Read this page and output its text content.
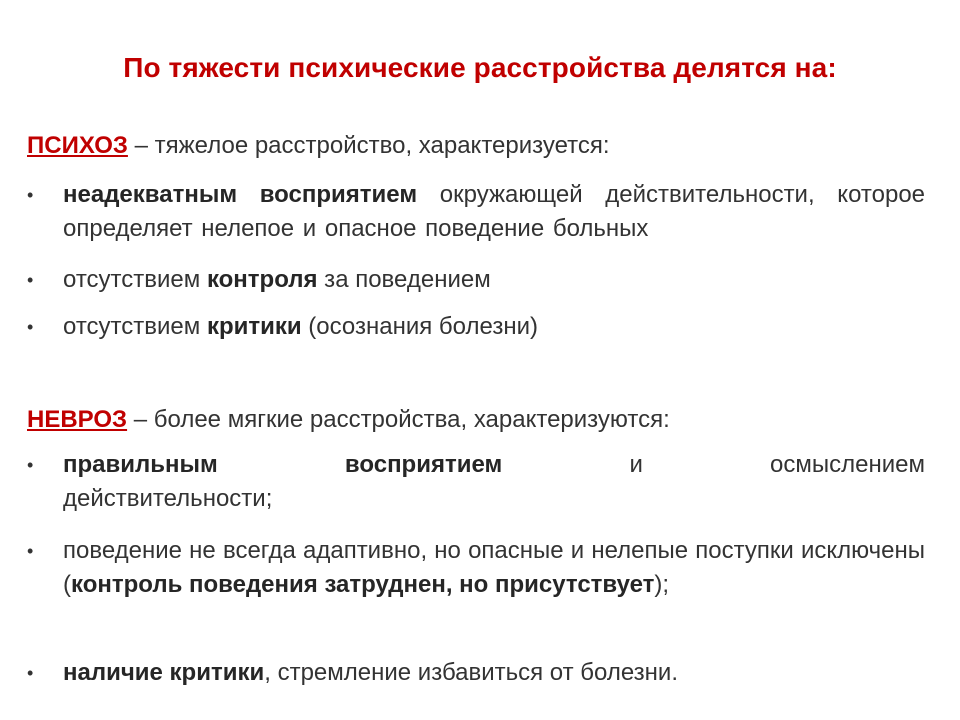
По тяжести психические расстройства делятся на:
ПСИХОЗ – тяжелое расстройство, характеризуется:
• неадекватным восприятием окружающей действительности, которое определяет нелепое и опасное поведение больных
• отсутствием контроля за поведением
• отсутствием критики (осознания болезни)
НЕВРОЗ – более мягкие расстройства, характеризуются:
• правильным восприятием и осмыслением действительности;
• поведение не всегда адаптивно, но опасные и нелепые поступки исключены (контроль поведения затруднен, но присутствует);
• наличие критики, стремление избавиться от болезни.
